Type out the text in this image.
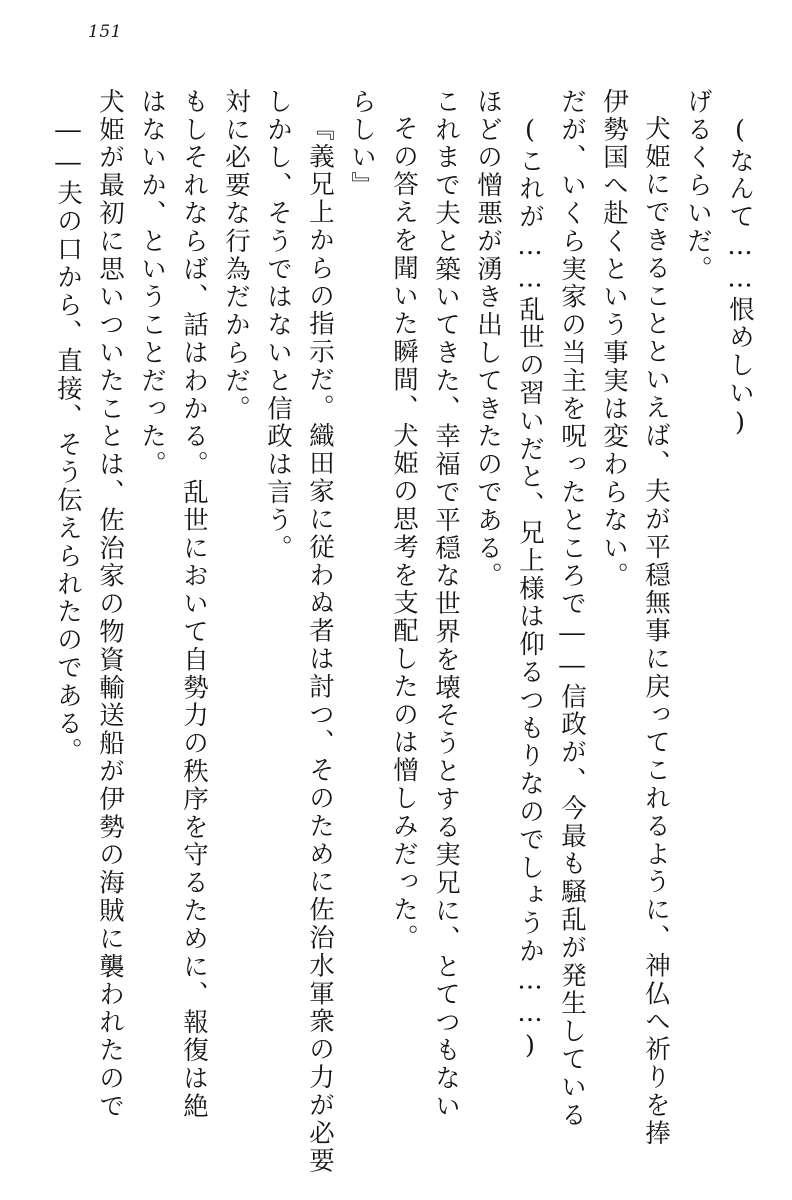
151
――夫の口から、直接、そう伝えられたのである。 犬姫が最初に思いついたことは、佐治家の物資輸送船が伊勢の海賊に襲われたので はないか、ということだった。 もしそれならば、話はわかる。乱世において自勢力の秩序を守るために、報復は絶 対に必要な行為だからだ。 しかし、そうではないと信政は言う。 『義兄上からの指示だ。織田家に従わぬ者は討つ、そのために佐治水軍衆の力が必要 らしい』 その答えを聞いた瞬間、犬姫の思考を支配したのは憎しみだった。 これまで夫と築いてきた、幸福で平穏な世界を壊そうとする実兄に、とてつもない ほどの憎悪が湧き出してきたのである。 (これが……乱世の習いだと、兄上様は仰るつもりなのでしょうか……) だが、いくら実家の当主を呪ったところで――信政が、今最も騒乱が発生している 伊勢国へ赴くという事実は変わらない。 犬姫にできることといえば、夫が平穏無事に戻ってこれるように、神仏へ祈りを捧 げるくらいだ。 (なんて……恨めしい)
